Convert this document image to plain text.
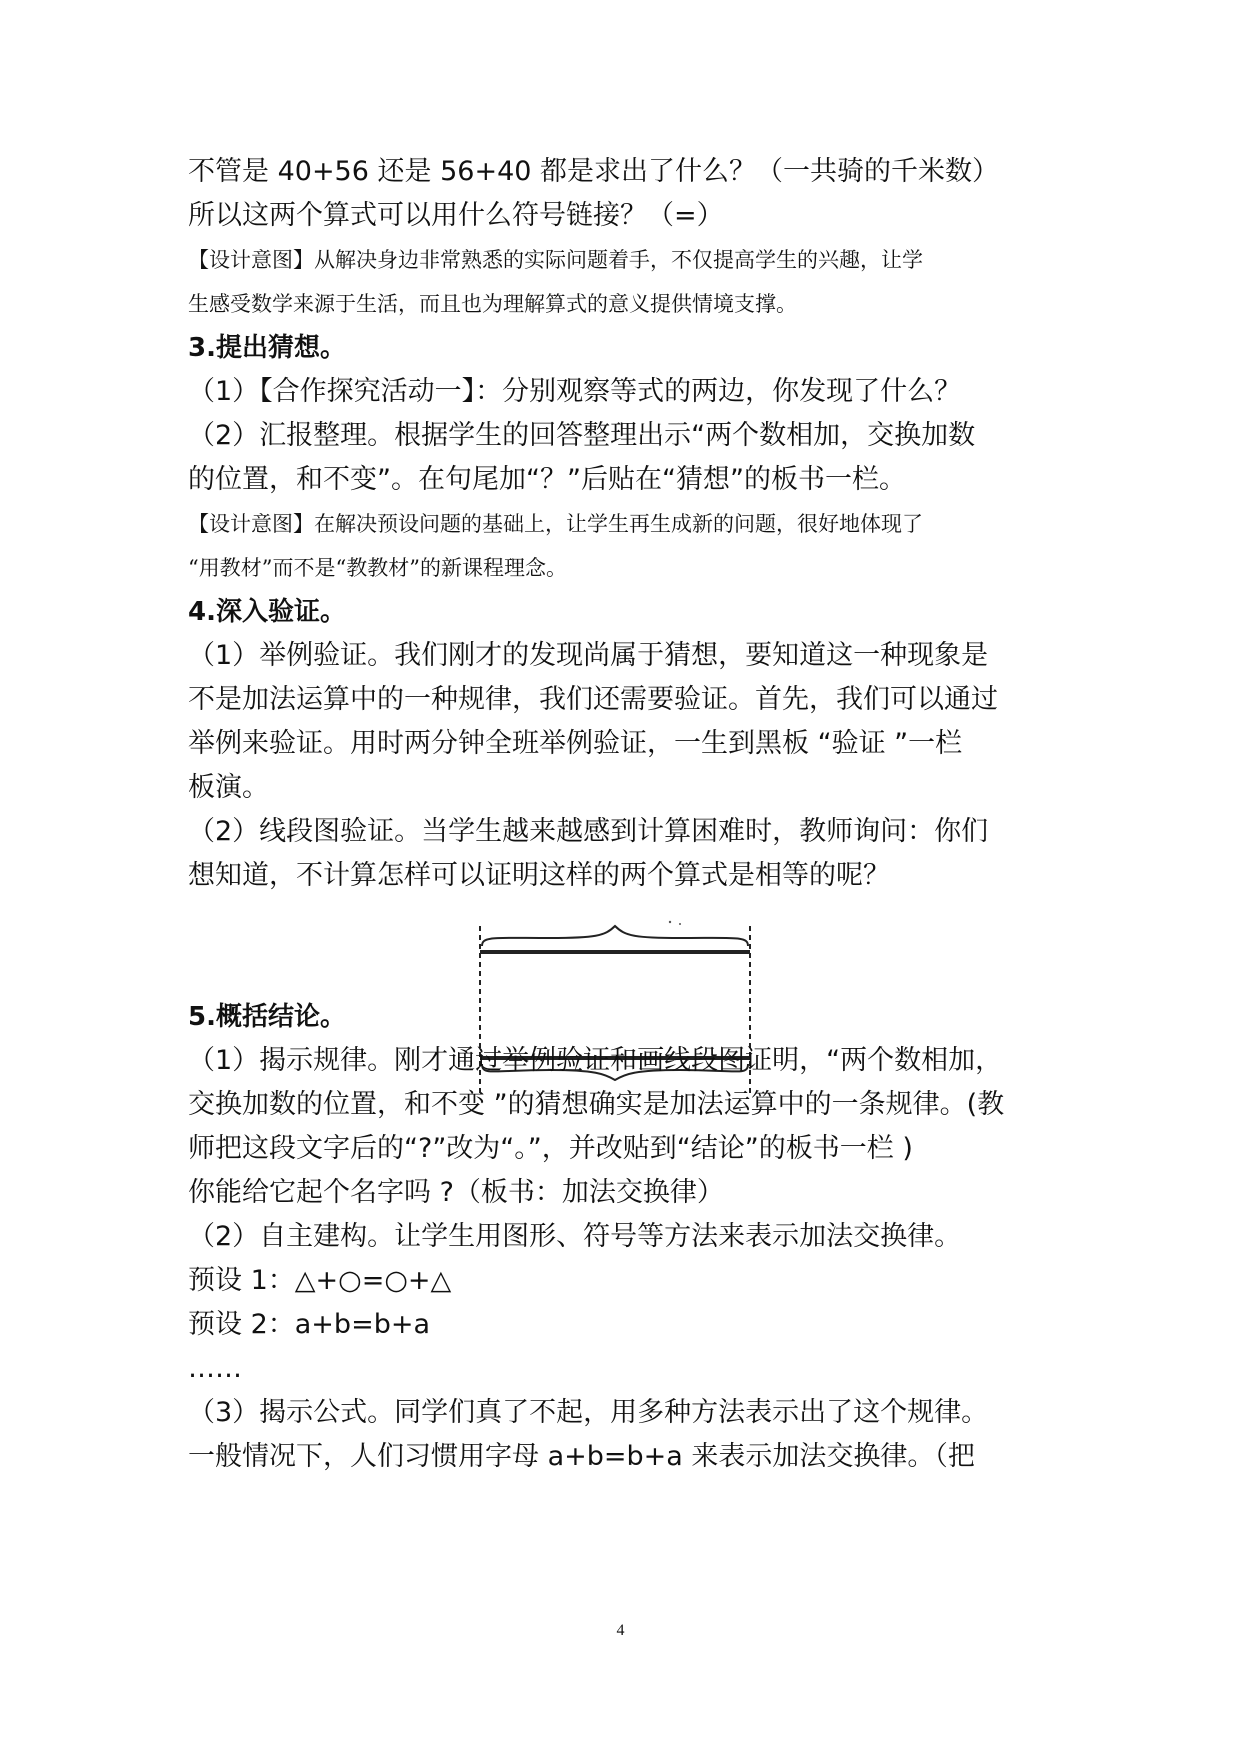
不管是 40+56 还是 56+40 都是求出了什么？（一共骑的千米数）
所以这两个算式可以用什么符号链接？（=）
【设计意图】从解决身边非常熟悉的实际问题着手，不仅提高学生的兴趣，让学
生感受数学来源于生活，而且也为理解算式的意义提供情境支撑。
3.提出猜想。
（1）【合作探究活动一】：分别观察等式的两边，你发现了什么？
（2）汇报整理。根据学生的回答整理出示“两个数相加，交换加数
的位置，和不变”。在句尾加“？”后贴在“猜想”的板书一栏。
【设计意图】在解决预设问题的基础上，让学生再生成新的问题，很好地体现了
“用教材”而不是“教教材”的新课程理念。
4.深入验证。
（1）举例验证。我们刚才的发现尚属于猜想，要知道这一种现象是
不是加法运算中的一种规律，我们还需要验证。首先，我们可以通过
举例来验证。用时两分钟全班举例验证，一生到黑板 “验证 ”一栏
板演。
（2）线段图验证。当学生越来越感到计算困难时，教师询问：你们
想知道，不计算怎样可以证明这样的两个算式是相等的呢？
5.概括结论。
（1）揭示规律。刚才通过举例验证和画线段图证明，“两个数相加，
交换加数的位置，和不变 ”的猜想确实是加法运算中的一条规律。(教
师把这段文字后的“?”改为“。”，并改贴到“结论”的板书一栏 )
你能给它起个名字吗 ?（板书：加法交换律）
（2）自主建构。让学生用图形、符号等方法来表示加法交换律。
预设 1：△+○=○+△
预设 2：a+b=b+a
……
（3）揭示公式。同学们真了不起，用多种方法表示出了这个规律。
一般情况下，人们习惯用字母 a+b=b+a 来表示加法交换律。（把
4
